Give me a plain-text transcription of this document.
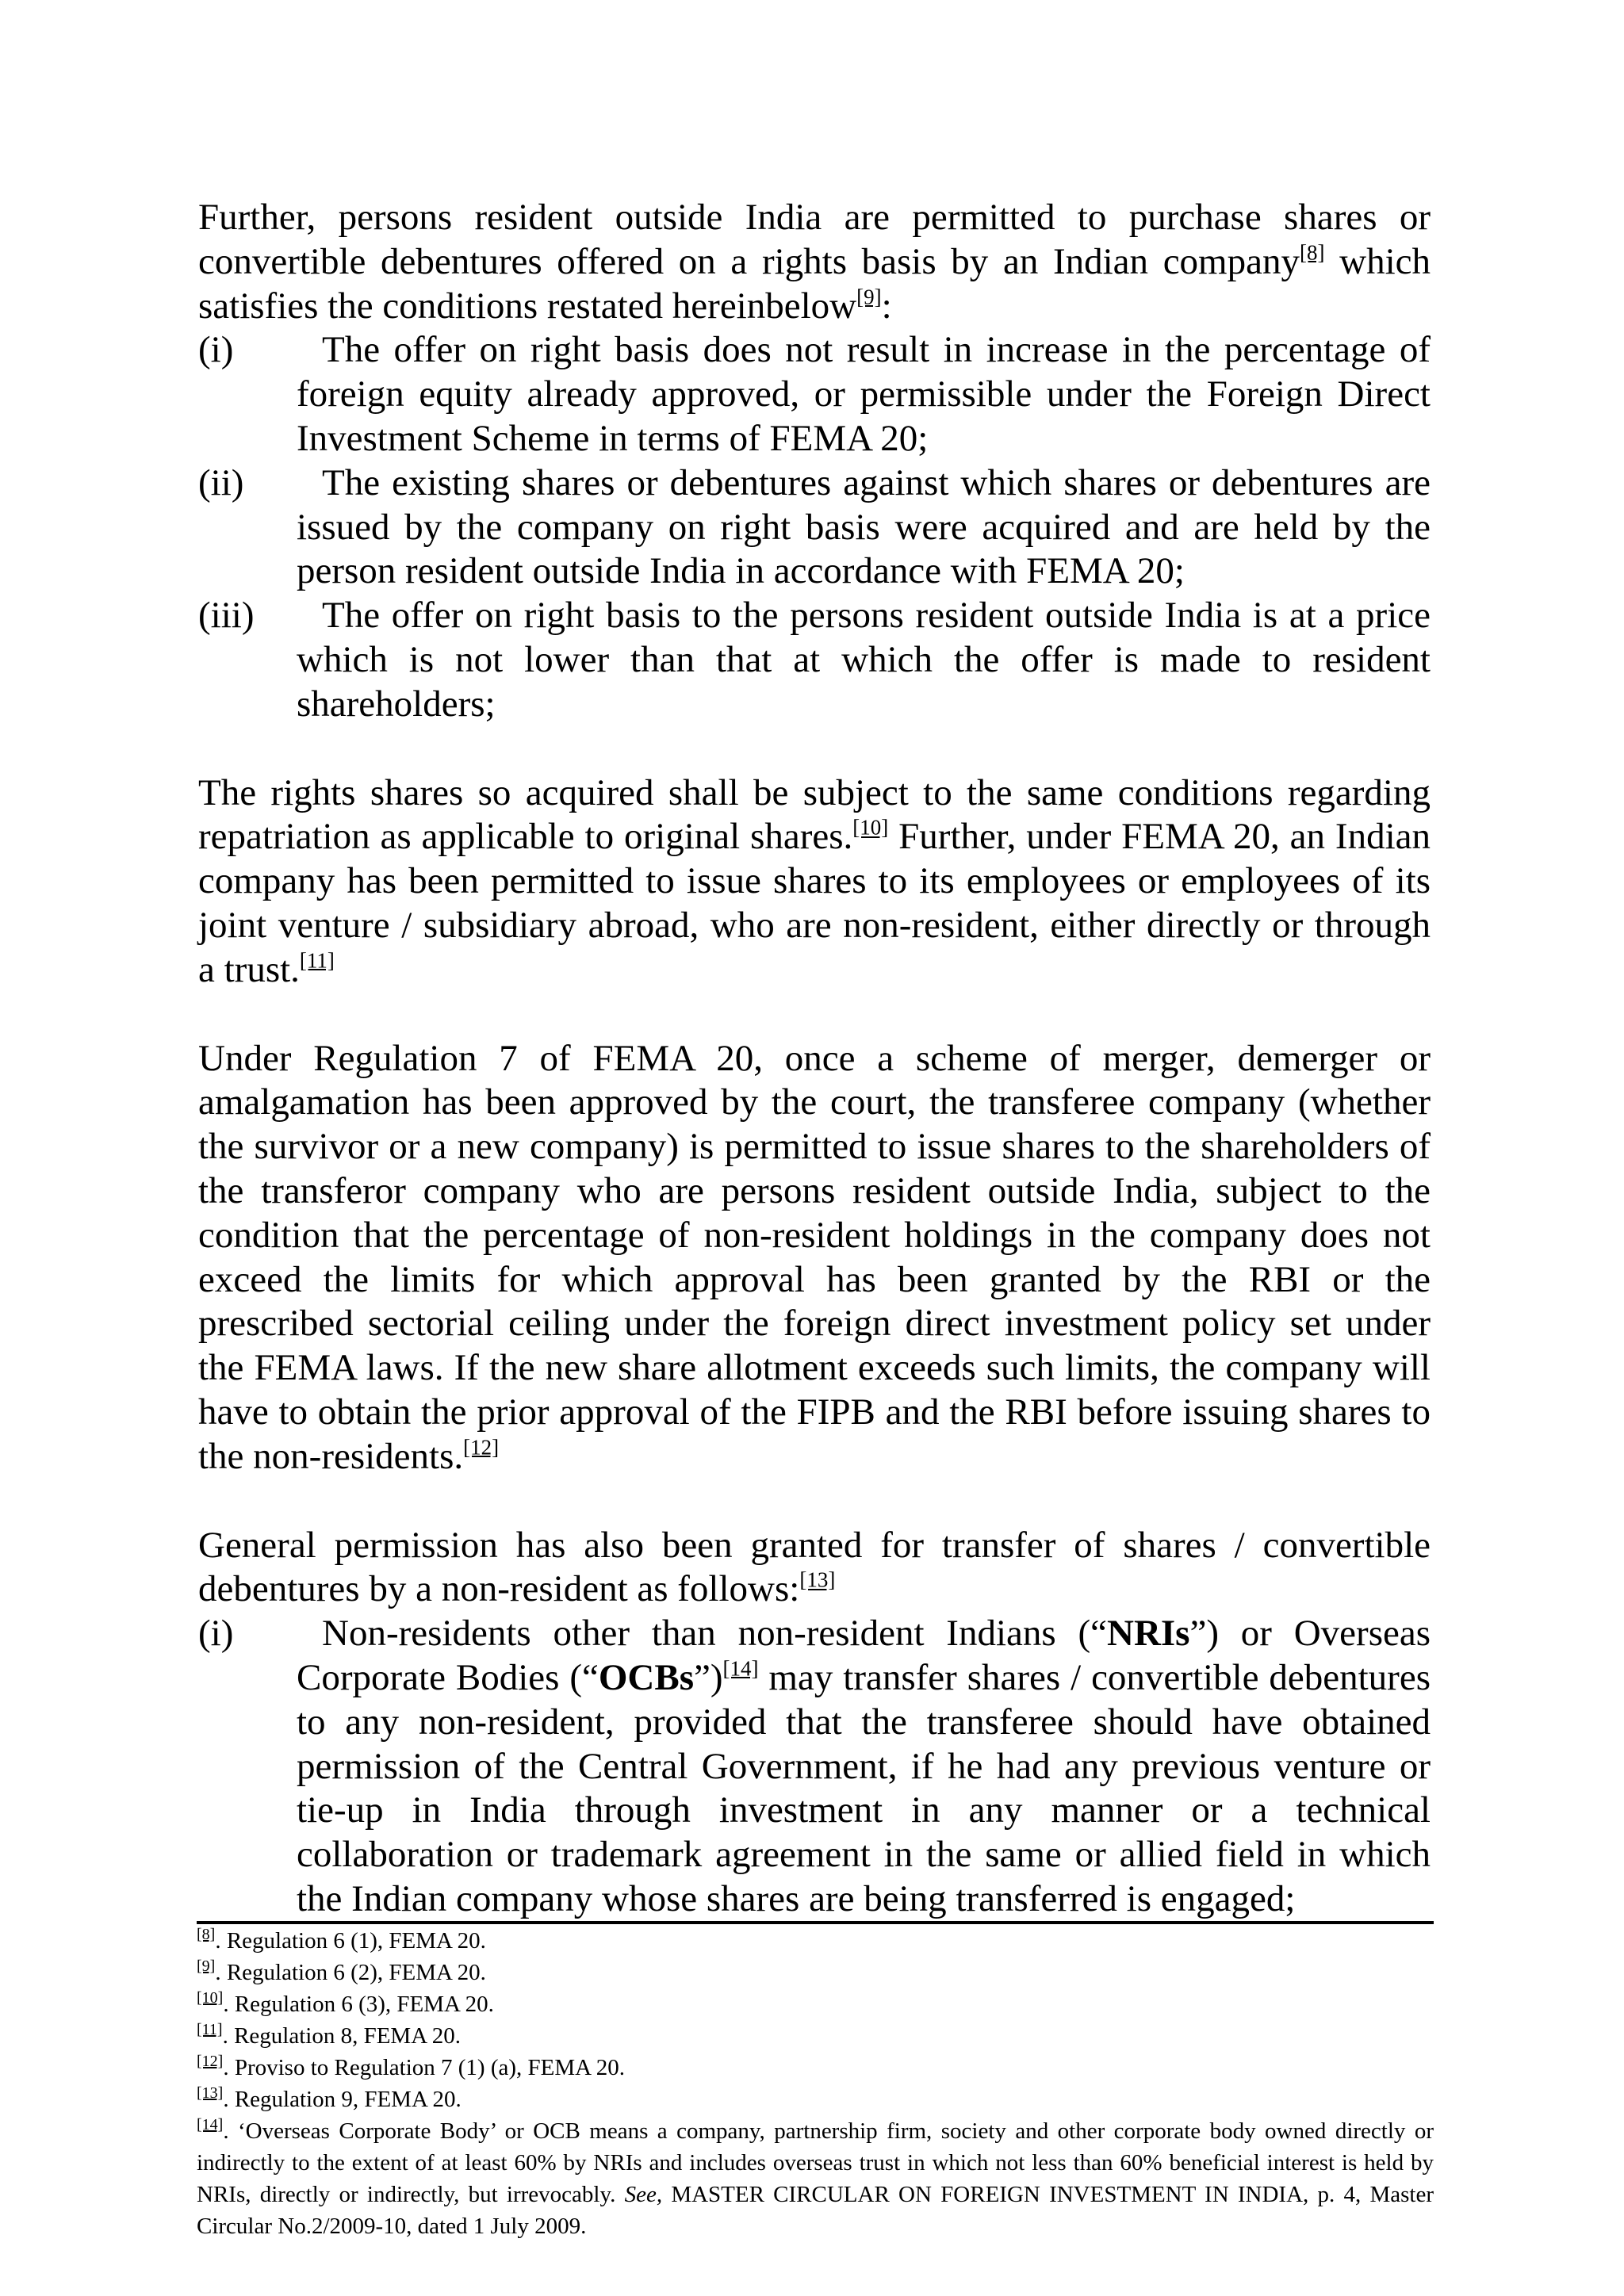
Further, persons resident outside India are permitted to purchase shares or convertible debentures offered on a rights basis by an Indian company[8] which satisfies the conditions restated hereinbelow[9]:

(i)	The offer on right basis does not result in increase in the percentage of foreign equity already approved, or permissible under the Foreign Direct Investment Scheme in terms of FEMA 20;
(ii)	The existing shares or debentures against which shares or debentures are issued by the company on right basis were acquired and are held by the person resident outside India in accordance with FEMA 20;
(iii)	The offer on right basis to the persons resident outside India is at a price which is not lower than that at which the offer is made to resident shareholders;

The rights shares so acquired shall be subject to the same conditions regarding repatriation as applicable to original shares.[10] Further, under FEMA 20, an Indian company has been permitted to issue shares to its employees or employees of its joint venture / subsidiary abroad, who are non-resident, either directly or through a trust.[11]

Under Regulation 7 of FEMA 20, once a scheme of merger, demerger or amalgamation has been approved by the court, the transferee company (whether the survivor or a new company) is permitted to issue shares to the shareholders of the transferor company who are persons resident outside India, subject to the condition that the percentage of non-resident holdings in the company does not exceed the limits for which approval has been granted by the RBI or the prescribed sectorial ceiling under the foreign direct investment policy set under the FEMA laws. If the new share allotment exceeds such limits, the company will have to obtain the prior approval of the FIPB and the RBI before issuing shares to the non-residents.[12]

General permission has also been granted for transfer of shares / convertible debentures by a non-resident as follows:[13]

(i)	Non-residents other than non-resident Indians (“NRIs”) or Overseas Corporate Bodies (“OCBs”)[14] may transfer shares / convertible debentures to any non-resident, provided that the transferee should have obtained permission of the Central Government, if he had any previous venture or tie-up in India through investment in any manner or a technical collaboration or trademark agreement in the same or allied field in which the Indian company whose shares are being transferred is engaged;
[8]. Regulation 6 (1), FEMA 20.
[9]. Regulation 6 (2), FEMA 20.
[10]. Regulation 6 (3), FEMA 20.
[11]. Regulation 8, FEMA 20.
[12]. Proviso to Regulation 7 (1) (a), FEMA 20.
[13]. Regulation 9, FEMA 20.
[14]. ‘Overseas Corporate Body’ or OCB means a company, partnership firm, society and other corporate body owned directly or indirectly to the extent of at least 60% by NRIs and includes overseas trust in which not less than 60% beneficial interest is held by NRIs, directly or indirectly, but irrevocably. See, MASTER CIRCULAR ON FOREIGN INVESTMENT IN INDIA, p. 4, Master Circular No.2/2009-10, dated 1 July 2009.
